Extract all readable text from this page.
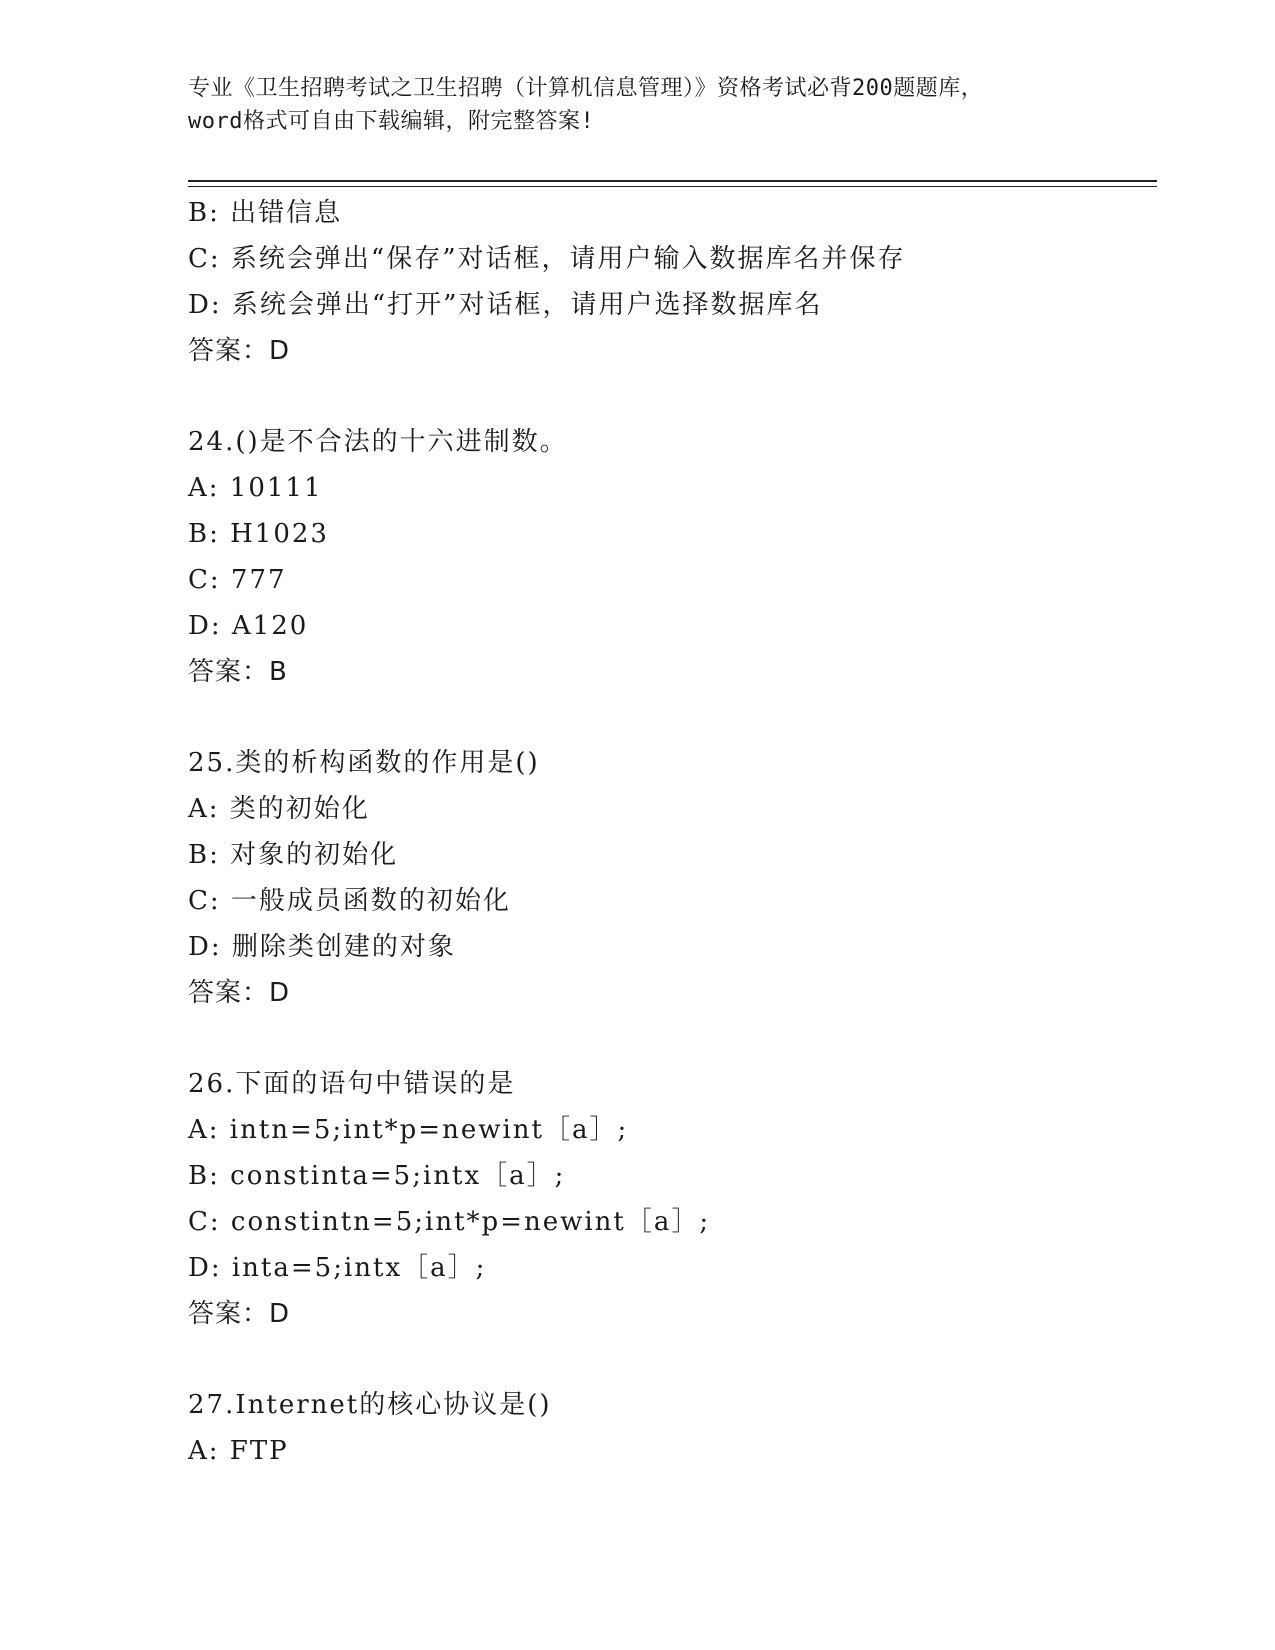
专业《卫生招聘考试之卫生招聘（计算机信息管理）》资格考试必背200题题库，
word格式可自由下载编辑，附完整答案!
B: 出错信息
C: 系统会弹出“保存”对话框，请用户输入数据库名并保存
D: 系统会弹出“打开”对话框，请用户选择数据库名
答案：D
24.()是不合法的十六进制数。
A: 10111
B: H1023
C: 777
D: A120
答案：B
25.类的析构函数的作用是()
A: 类的初始化
B: 对象的初始化
C: 一般成员函数的初始化
D: 删除类创建的对象
答案：D
26.下面的语句中错误的是
A: intn=5;int*p=newint［a］;
B: constinta=5;intx［a］;
C: constintn=5;int*p=newint［a］;
D: inta=5;intx［a］;
答案：D
27.Internet的核心协议是()
A: FTP
